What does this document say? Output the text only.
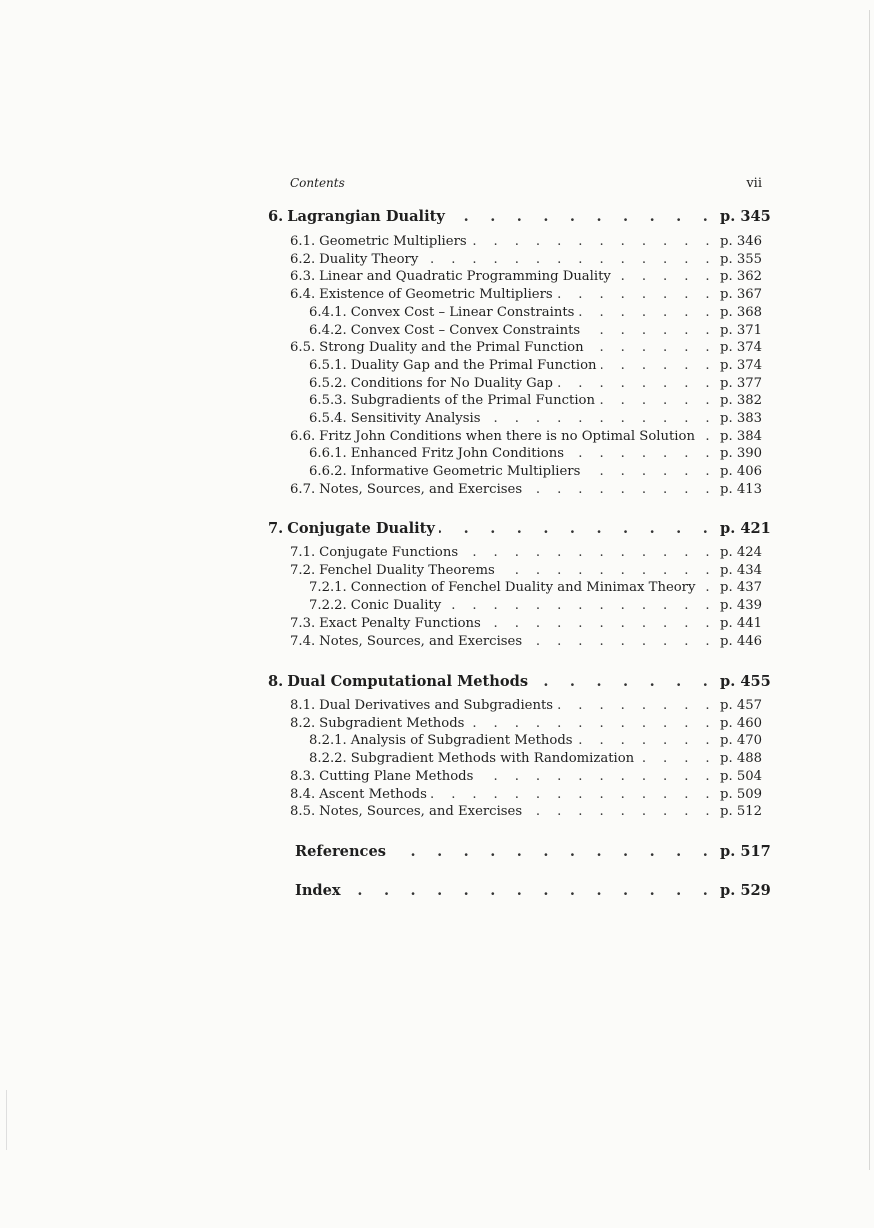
Contents	vii
6. Lagrangian Duality . . .	p. 345
6.1. Geometric Multipliers . . .	p. 346
6.2. Duality Theory . . .	p. 355
6.3. Linear and Quadratic Programming Duality . . .	p. 362
6.4. Existence of Geometric Multipliers . . .	p. 367
6.4.1. Convex Cost – Linear Constraints . . .	p. 368
6.4.2. Convex Cost – Convex Constraints . . .	p. 371
6.5. Strong Duality and the Primal Function . . .	p. 374
6.5.1. Duality Gap and the Primal Function . . .	p. 374
6.5.2. Conditions for No Duality Gap . . .	p. 377
6.5.3. Subgradients of the Primal Function . . .	p. 382
6.5.4. Sensitivity Analysis . . .	p. 383
6.6. Fritz John Conditions when there is no Optimal Solution . . . p. 384
6.6.1. Enhanced Fritz John Conditions . . .	p. 390
6.6.2. Informative Geometric Multipliers . . .	p. 406
6.7. Notes, Sources, and Exercises . . .	p. 413
7. Conjugate Duality . . .	p. 421
7.1. Conjugate Functions . . .	p. 424
7.2. Fenchel Duality Theorems . . .	p. 434
7.2.1. Connection of Fenchel Duality and Minimax Theory . . . p. 437
7.2.2. Conic Duality . . .	p. 439
7.3. Exact Penalty Functions . . .	p. 441
7.4. Notes, Sources, and Exercises . . .	p. 446
8. Dual Computational Methods . . .	p. 455
8.1. Dual Derivatives and Subgradients . . .	p. 457
8.2. Subgradient Methods . . .	p. 460
8.2.1. Analysis of Subgradient Methods . . .	p. 470
8.2.2. Subgradient Methods with Randomization . . .	p. 488
8.3. Cutting Plane Methods . . .	p. 504
8.4. Ascent Methods . . .	p. 509
8.5. Notes, Sources, and Exercises . . .	p. 512
References . . .	p. 517
Index . . .	p. 529
